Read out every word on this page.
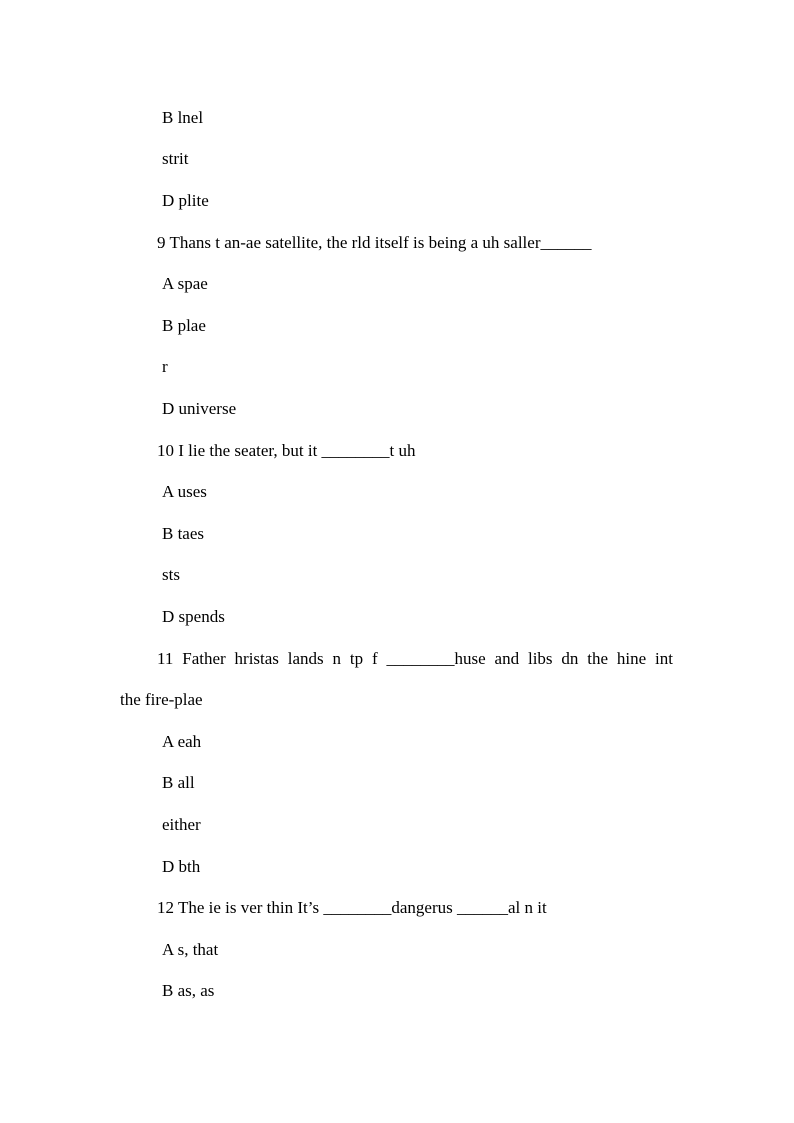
B lnel
strit
D plite
9 Thans t an-ae satellite, the rld itself is being a uh saller______
A spae
B plae
r
D universe
10 I lie the seater, but it ________t uh
A uses
B taes
sts
D spends
11 Father hristas lands n tp f ________huse and libs dn the hine int
the fire-plae
A eah
B all
either
D bth
12 The ie is ver thin It’s ________dangerus ______al n it
A s, that
B as, as
